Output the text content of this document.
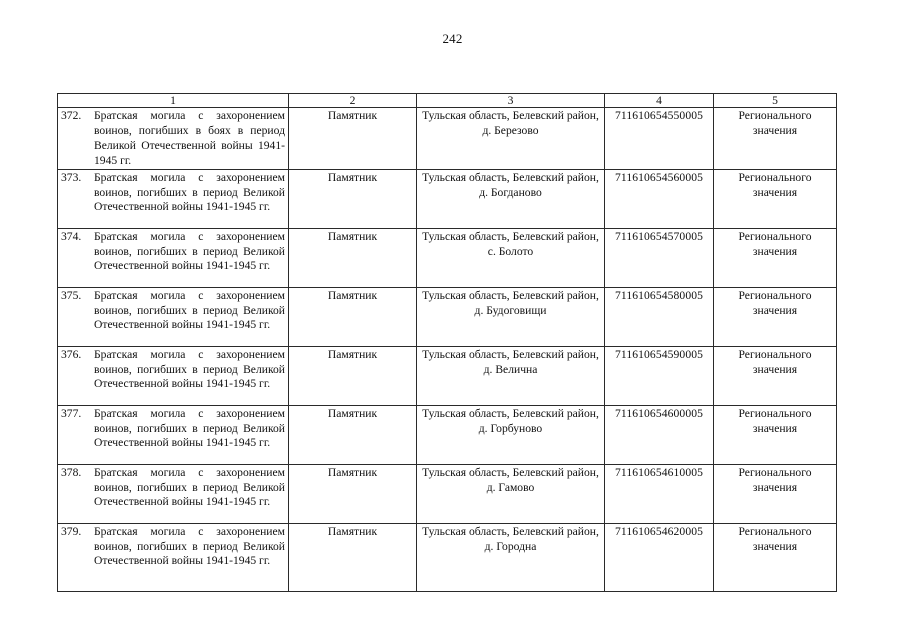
242
1	2	3	4	5

372. Братская могила с захоронением воинов, погибших в боях в период Великой Отечественной войны 1941-1945 гг.	Памятник	Тульская область, Белевский район, д. Березово	711610654550005	Регионального значения

373. Братская могила с захоронением воинов, погибших в период Великой Отечественной войны 1941-1945 гг.	Памятник	Тульская область, Белевский район, д. Богданово	711610654560005	Регионального значения

374. Братская могила с захоронением воинов, погибших в период Великой Отечественной войны 1941-1945 гг.	Памятник	Тульская область, Белевский район, с. Болото	711610654570005	Регионального значения

375. Братская могила с захоронением воинов, погибших в период Великой Отечественной войны 1941-1945 гг.	Памятник	Тульская область, Белевский район, д. Будоговищи	711610654580005	Регионального значения

376. Братская могила с захоронением воинов, погибших в период Великой Отечественной войны 1941-1945 гг.	Памятник	Тульская область, Белевский район, д. Велична	711610654590005	Регионального значения

377. Братская могила с захоронением воинов, погибших в период Великой Отечественной войны 1941-1945 гг.	Памятник	Тульская область, Белевский район, д. Горбуново	711610654600005	Регионального значения

378. Братская могила с захоронением воинов, погибших в период Великой Отечественной войны 1941-1945 гг.	Памятник	Тульская область, Белевский район, д. Гамово	711610654610005	Регионального значения

379. Братская могила с захоронением воинов, погибших в период Великой Отечественной войны 1941-1945 гг.	Памятник	Тульская область, Белевский район, д. Городна	711610654620005	Регионального значения
